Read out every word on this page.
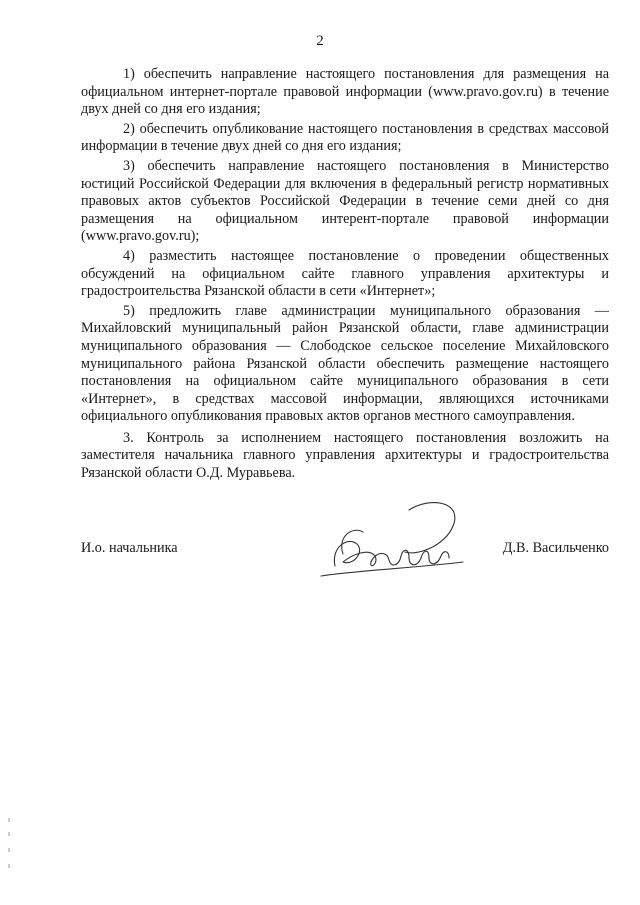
2

1) обеспечить направление настоящего постановления для размещения на официальном интернет-портале правовой информации (www.pravo.gov.ru) в течение двух дней со дня его издания;

2) обеспечить опубликование настоящего постановления в средствах массовой информации в течение двух дней со дня его издания;

3) обеспечить направление настоящего постановления в Министерство юстиций Российской Федерации для включения в федеральный регистр нормативных правовых актов субъектов Российской Федерации в течение семи дней со дня размещения на официальном интерент-портале правовой информации (www.pravo.gov.ru);

4) разместить настоящее постановление о проведении общественных обсуждений на официальном сайте главного управления архитектуры и градостроительства Рязанской области в сети «Интернет»;

5) предложить главе администрации муниципального образования — Михайловский муниципальный район Рязанской области, главе администрации муниципального образования — Слободское сельское поселение Михайловского муниципального района Рязанской области обеспечить размещение настоящего постановления на официальном сайте муниципального образования в сети «Интернет», в средствах массовой информации, являющихся источниками официального опубликования правовых актов органов местного самоуправления.

3. Контроль за исполнением настоящего постановления возложить на заместителя начальника главного управления архитектуры и градостроительства Рязанской области О.Д. Муравьева.

И.о. начальника	Д.В. Васильченко
